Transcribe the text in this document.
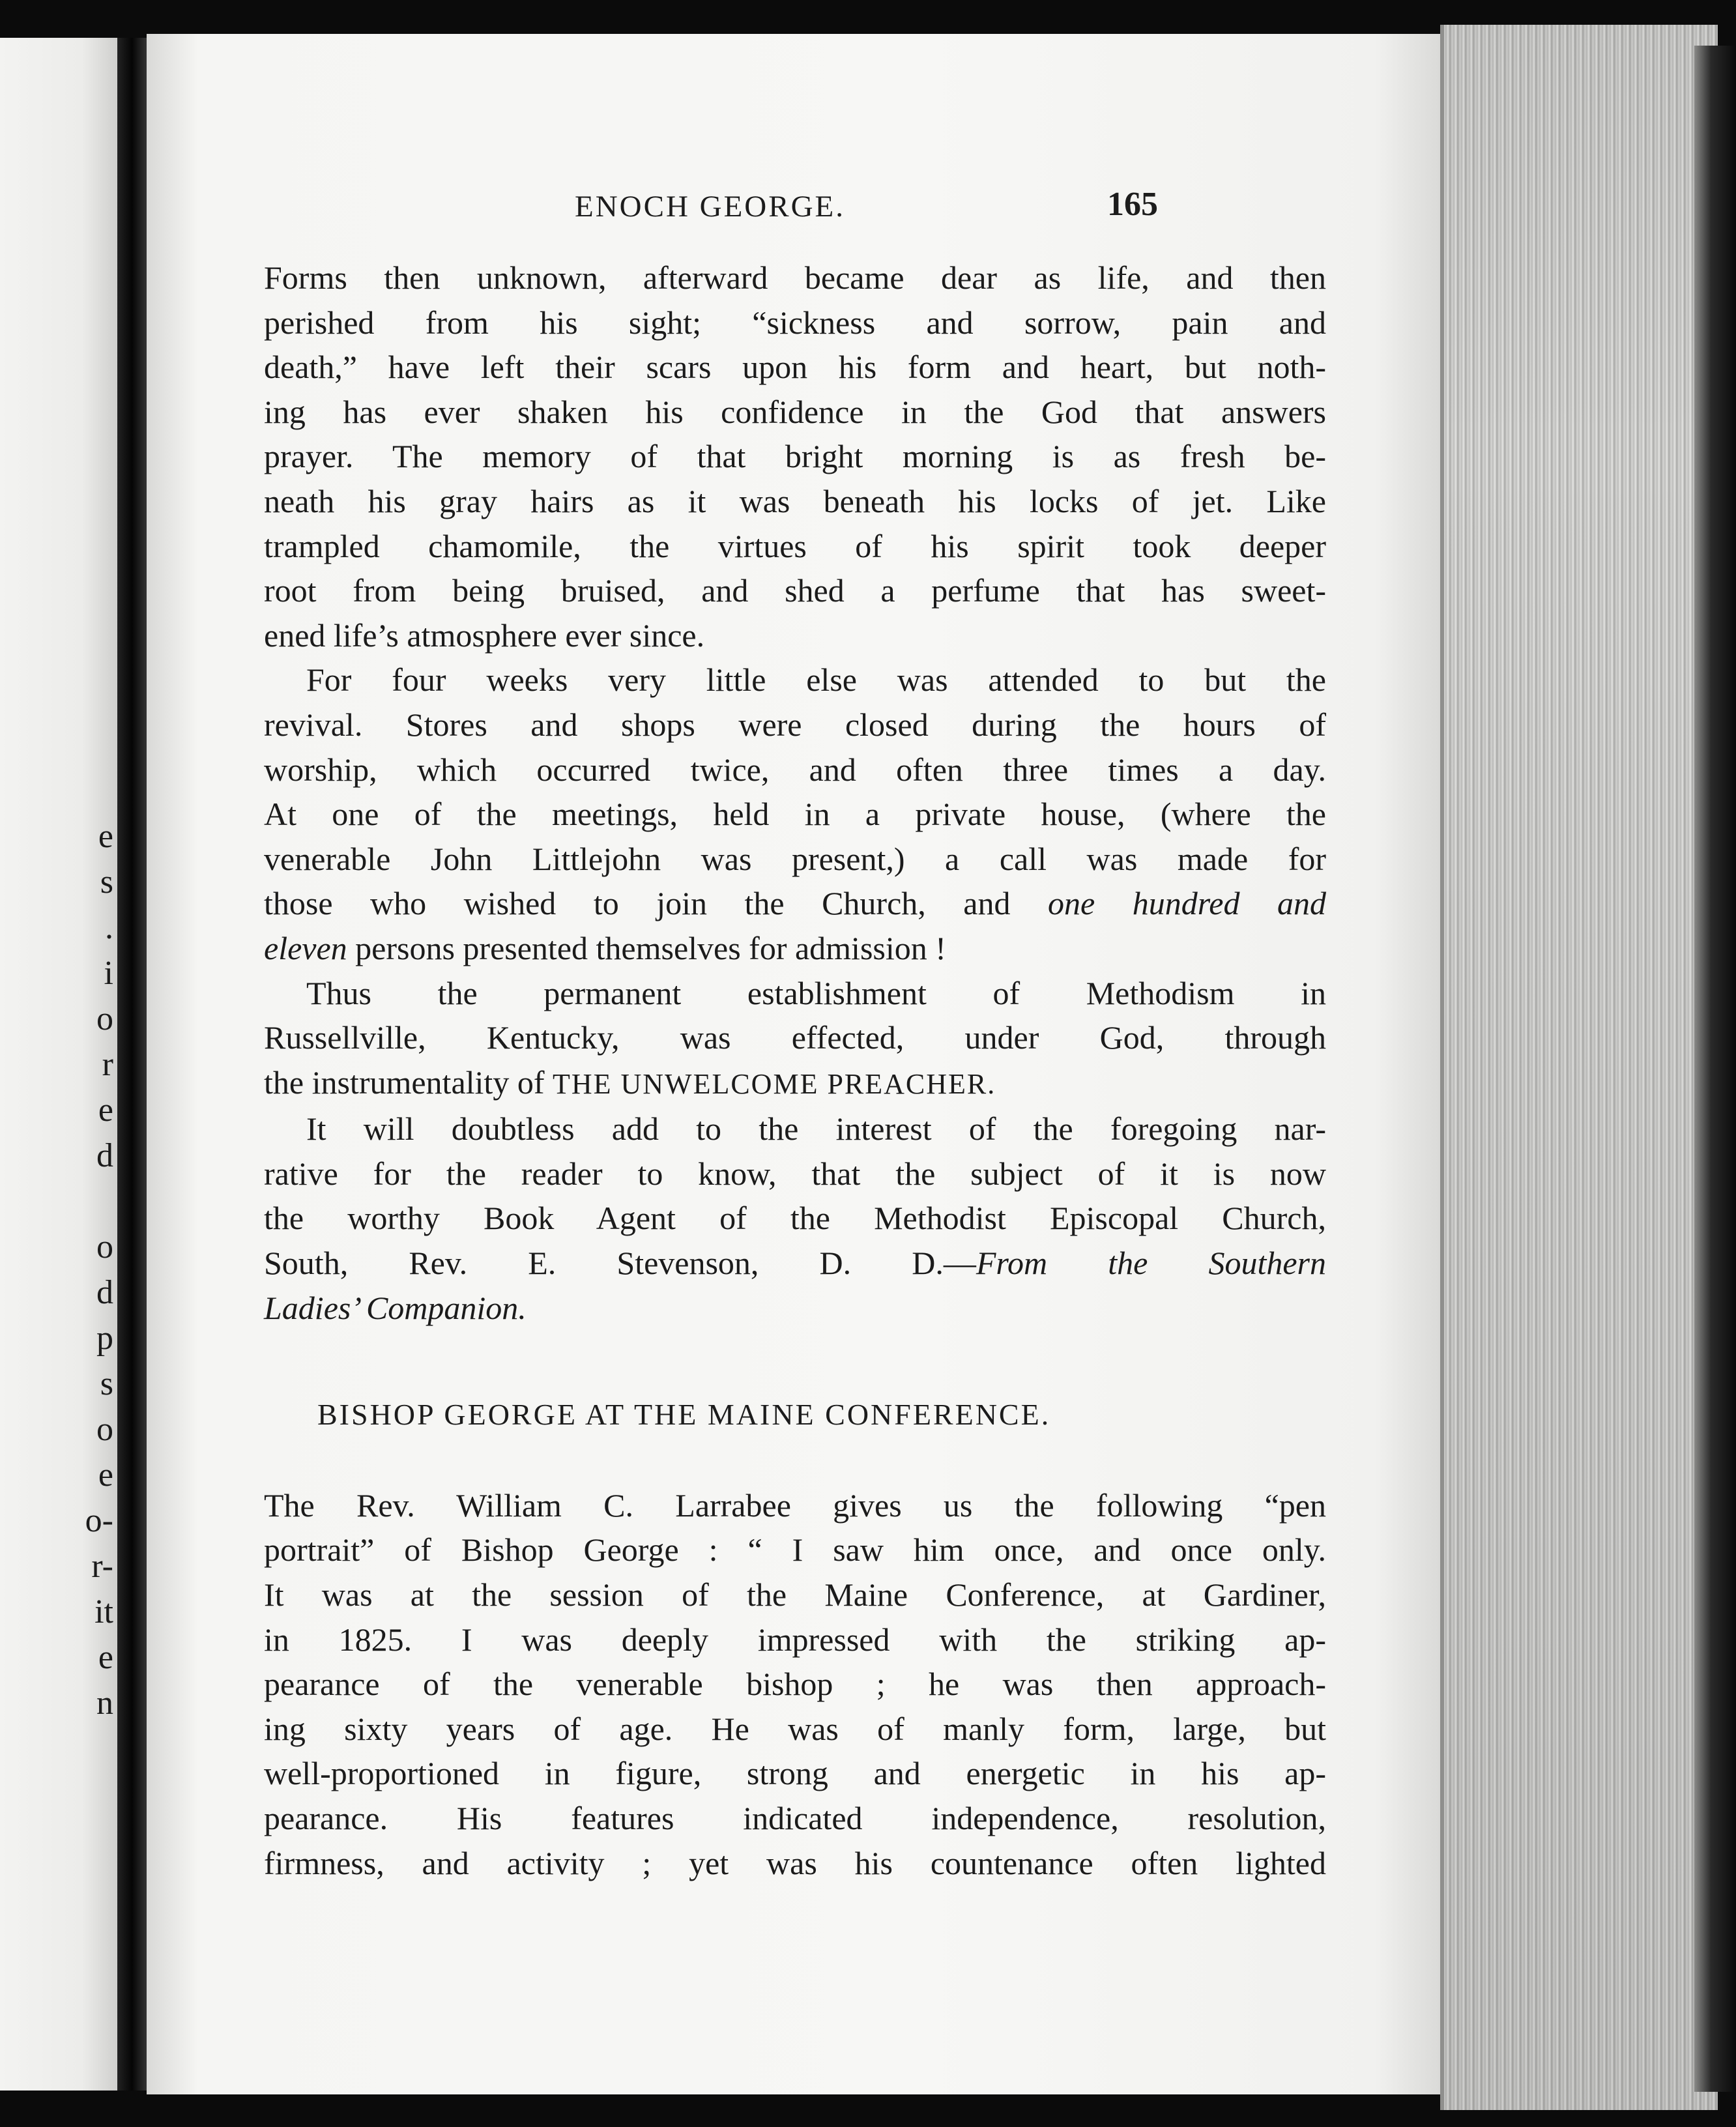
e
s
.
i
o
r
e
d
o
d
p
s
o
e
o-
r-
it
e
n
ENOCH GEORGE.	165
Forms then unknown, afterward became dear as life, and then
perished from his sight; “sickness and sorrow, pain and
death,” have left their scars upon his form and heart, but noth-
ing has ever shaken his confidence in the God that answers
prayer. The memory of that bright morning is as fresh be-
neath his gray hairs as it was beneath his locks of jet. Like
trampled chamomile, the virtues of his spirit took deeper
root from being bruised, and shed a perfume that has sweet-
ened life’s atmosphere ever since.
For four weeks very little else was attended to but the
revival. Stores and shops were closed during the hours of
worship, which occurred twice, and often three times a day.
At one of the meetings, held in a private house, (where the
venerable John Littlejohn was present,) a call was made for
those who wished to join the Church, and one hundred and
eleven persons presented themselves for admission !
Thus the permanent establishment of Methodism in
Russellville, Kentucky, was effected, under God, through
the instrumentality of THE UNWELCOME PREACHER.
It will doubtless add to the interest of the foregoing nar-
rative for the reader to know, that the subject of it is now
the worthy Book Agent of the Methodist Episcopal Church,
South, Rev. E. Stevenson, D. D.—From the Southern
Ladies’ Companion.
BISHOP GEORGE AT THE MAINE CONFERENCE.
The Rev. William C. Larrabee gives us the following “pen
portrait” of Bishop George : “ I saw him once, and once only.
It was at the session of the Maine Conference, at Gardiner,
in 1825. I was deeply impressed with the striking ap-
pearance of the venerable bishop ; he was then approach-
ing sixty years of age. He was of manly form, large, but
well-proportioned in figure, strong and energetic in his ap-
pearance. His features indicated independence, resolution,
firmness, and activity ; yet was his countenance often lighted
